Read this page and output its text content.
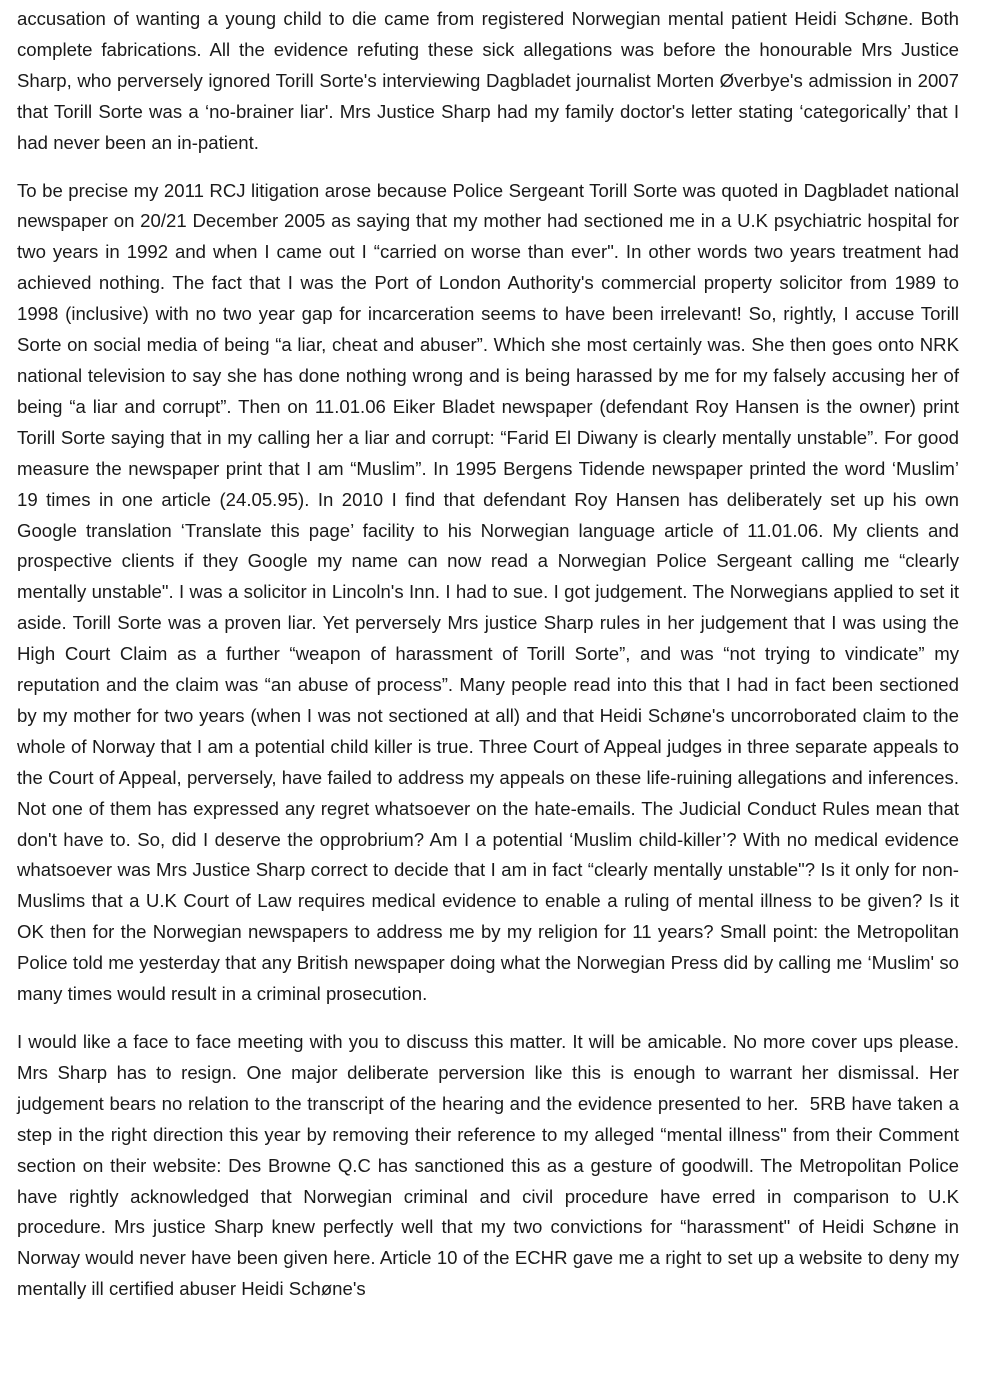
accusation of wanting a young child to die came from registered Norwegian mental patient Heidi Schøne. Both complete fabrications. All the evidence refuting these sick allegations was before the honourable Mrs Justice Sharp, who perversely ignored Torill Sorte's interviewing Dagbladet journalist Morten Øverbye's admission in 2007 that Torill Sorte was a ‘no-brainer liar'. Mrs Justice Sharp had my family doctor's letter stating ‘categorically’ that I had never been an in-patient.

To be precise my 2011 RCJ litigation arose because Police Sergeant Torill Sorte was quoted in Dagbladet national newspaper on 20/21 December 2005 as saying that my mother had sectioned me in a U.K psychiatric hospital for two years in 1992 and when I came out I “carried on worse than ever". In other words two years treatment had achieved nothing. The fact that I was the Port of London Authority's commercial property solicitor from 1989 to 1998 (inclusive) with no two year gap for incarceration seems to have been irrelevant! So, rightly, I accuse Torill Sorte on social media of being “a liar, cheat and abuser”. Which she most certainly was. She then goes onto NRK national television to say she has done nothing wrong and is being harassed by me for my falsely accusing her of being “a liar and corrupt”. Then on 11.01.06 Eiker Bladet newspaper (defendant Roy Hansen is the owner) print Torill Sorte saying that in my calling her a liar and corrupt: “Farid El Diwany is clearly mentally unstable”. For good measure the newspaper print that I am “Muslim”. In 1995 Bergens Tidende newspaper printed the word ‘Muslim’ 19 times in one article (24.05.95). In 2010 I find that defendant Roy Hansen has deliberately set up his own Google translation ‘Translate this page’ facility to his Norwegian language article of 11.01.06. My clients and prospective clients if they Google my name can now read a Norwegian Police Sergeant calling me “clearly mentally unstable". I was a solicitor in Lincoln's Inn. I had to sue. I got judgement. The Norwegians applied to set it aside. Torill Sorte was a proven liar. Yet perversely Mrs justice Sharp rules in her judgement that I was using the High Court Claim as a further “weapon of harassment of Torill Sorte”, and was “not trying to vindicate” my reputation and the claim was “an abuse of process”. Many people read into this that I had in fact been sectioned by my mother for two years (when I was not sectioned at all) and that Heidi Schøne's uncorroborated claim to the whole of Norway that I am a potential child killer is true. Three Court of Appeal judges in three separate appeals to the Court of Appeal, perversely, have failed to address my appeals on these life-ruining allegations and inferences. Not one of them has expressed any regret whatsoever on the hate-emails. The Judicial Conduct Rules mean that don't have to. So, did I deserve the opprobrium? Am I a potential ‘Muslim child-killer’? With no medical evidence whatsoever was Mrs Justice Sharp correct to decide that I am in fact “clearly mentally unstable"? Is it only for non-Muslims that a U.K Court of Law requires medical evidence to enable a ruling of mental illness to be given? Is it OK then for the Norwegian newspapers to address me by my religion for 11 years? Small point: the Metropolitan Police told me yesterday that any British newspaper doing what the Norwegian Press did by calling me ‘Muslim' so many times would result in a criminal prosecution.

I would like a face to face meeting with you to discuss this matter. It will be amicable. No more cover ups please. Mrs Sharp has to resign. One major deliberate perversion like this is enough to warrant her dismissal. Her judgement bears no relation to the transcript of the hearing and the evidence presented to her.  5RB have taken a step in the right direction this year by removing their reference to my alleged “mental illness" from their Comment section on their website: Des Browne Q.C has sanctioned this as a gesture of goodwill. The Metropolitan Police have rightly acknowledged that Norwegian criminal and civil procedure have erred in comparison to U.K procedure. Mrs justice Sharp knew perfectly well that my two convictions for “harassment" of Heidi Schøne in Norway would never have been given here. Article 10 of the ECHR gave me a right to set up a website to deny my mentally ill certified abuser Heidi Schøne's
